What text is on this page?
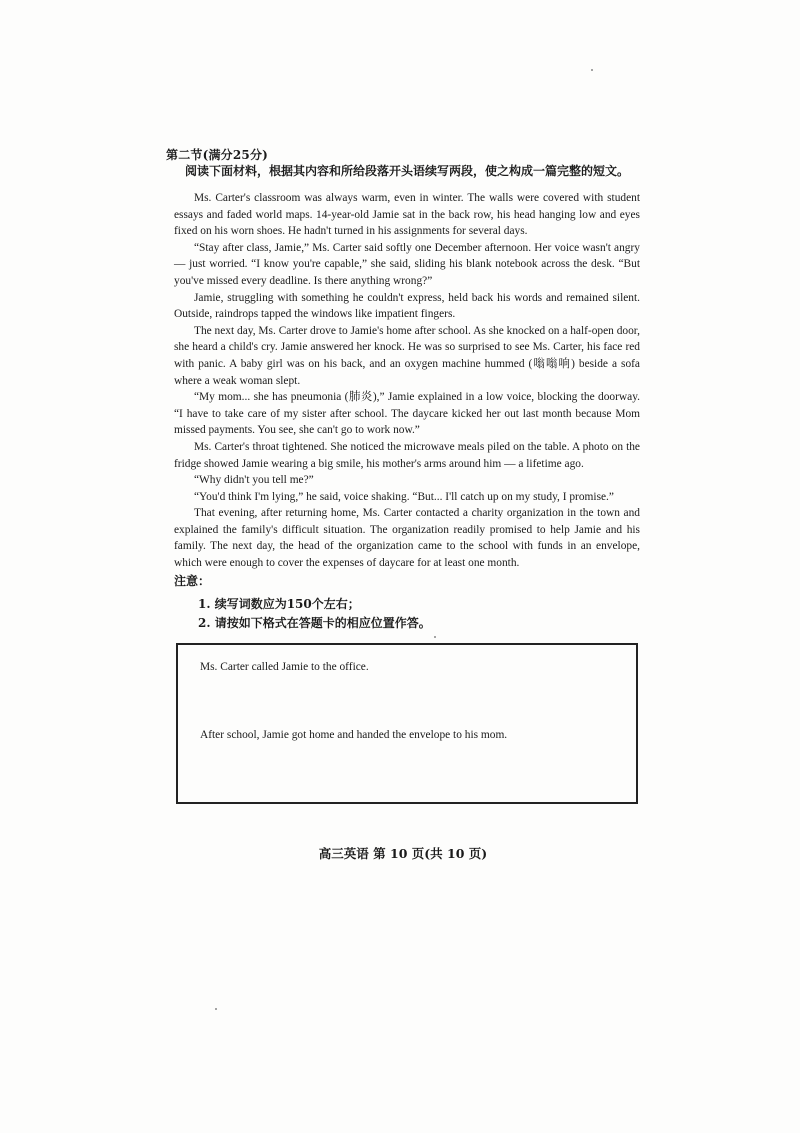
第二节(满分25分)
阅读下面材料，根据其内容和所给段落开头语续写两段，使之构成一篇完整的短文。

Ms. Carter's classroom was always warm, even in winter. The walls were covered with student essays and faded world maps. 14-year-old Jamie sat in the back row, his head hanging low and eyes fixed on his worn shoes. He hadn't turned in his assignments for several days.

“Stay after class, Jamie,” Ms. Carter said softly one December afternoon. Her voice wasn't angry — just worried. “I know you're capable,” she said, sliding his blank notebook across the desk. “But you've missed every deadline. Is there anything wrong?”

Jamie, struggling with something he couldn't express, held back his words and remained silent. Outside, raindrops tapped the windows like impatient fingers.

The next day, Ms. Carter drove to Jamie's home after school. As she knocked on a half-open door, she heard a child's cry. Jamie answered her knock. He was so surprised to see Ms. Carter, his face red with panic. A baby girl was on his back, and an oxygen machine hummed (嗡嗡响) beside a sofa where a weak woman slept.

“My mom... she has pneumonia (肺炎),” Jamie explained in a low voice, blocking the doorway. “I have to take care of my sister after school. The daycare kicked her out last month because Mom missed payments. You see, she can't go to work now.”

Ms. Carter's throat tightened. She noticed the microwave meals piled on the table. A photo on the fridge showed Jamie wearing a big smile, his mother's arms around him — a lifetime ago.

“Why didn't you tell me?”

“You'd think I'm lying,” he said, voice shaking. “But... I'll catch up on my study, I promise.”

That evening, after returning home, Ms. Carter contacted a charity organization in the town and explained the family's difficult situation. The organization readily promised to help Jamie and his family. The next day, the head of the organization came to the school with funds in an envelope, which were enough to cover the expenses of daycare for at least one month.

注意：
1. 续写词数应为150个左右；
2. 请按如下格式在答题卡的相应位置作答。
Ms. Carter called Jamie to the office.
After school, Jamie got home and handed the envelope to his mom.
高三英语 第 10 页(共 10 页)
